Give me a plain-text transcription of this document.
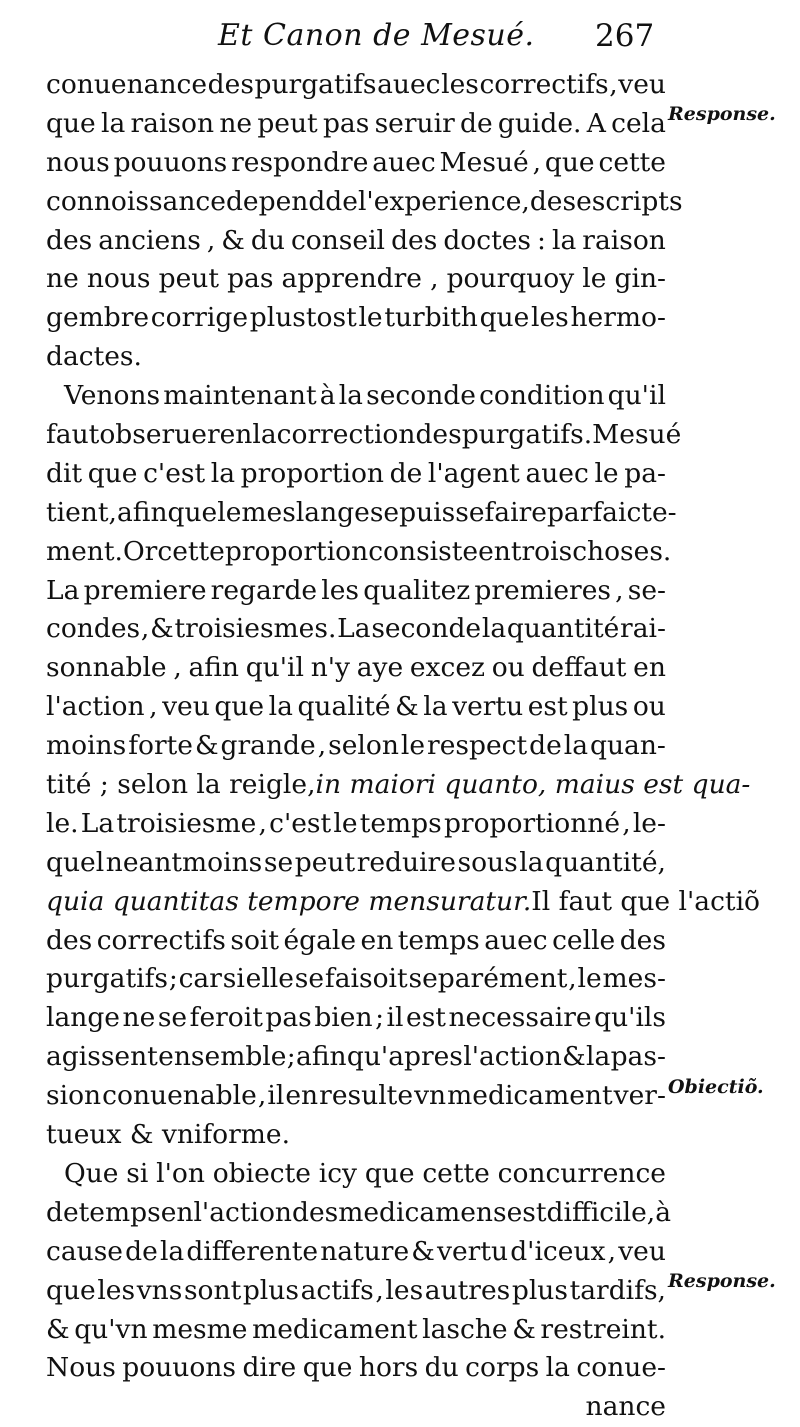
Et Canon de Mesué. 267
Response.
Obiectiõ.
Response.
conuenance des purgatifs auec les correctifs , veu
que la raison ne peut pas seruir de guide. A cela
nous pouuons respondre auec Mesué , que cette
connoissance depend de l'experience , des escripts
des anciens , & du conseil des doctes : la raison
ne nous peut pas apprendre , pourquoy le gin-
gembre corrige plustost le turbith que les hermo-
dactes.
Venons maintenant à la seconde condition qu'il
faut obseruer en la correction des purgatifs.Mesué
dit que c'est la proportion de l'agent auec le pa-
tient , afin que le meslange se puisse faire parfaicte-
ment.Or cette proportion consiste en trois choses.
La premiere regarde les qualitez premieres , se-
condes , & troisiesmes. La seconde la quantité rai-
sonnable , afin qu'il n'y aye excez ou deffaut en
l'action , veu que la qualité & la vertu est plus ou
moins forte & grande , selon le respect de la quan-
tité ; selon la reigle, in maiori quanto, maius est qua-
le. La troisiesme , c'est le temps proportionné , le-
quel neantmoins se peut reduire sous la quantité,
quia quantitas tempore mensuratur. Il faut que l'actiõ
des correctifs soit égale en temps auec celle des
purgatifs ; car si elle se faisoit separément , le mes-
lange ne se feroit pas bien ; il est necessaire qu'ils
agissent ensemble ; afin qu'apres l'action & la pas-
sion conuenable , il en resulte vn medicament ver-
tueux & vniforme.
Que si l'on obiecte icy que cette concurrence
de temps en l'action des medicamens est difficile, à
cause de la differente nature & vertu d'iceux , veu
que les vns sont plus actifs , les autres plus tardifs,
& qu'vn mesme medicament lasche & restreint.
Nous pouuons dire que hors du corps la conue-
nance
